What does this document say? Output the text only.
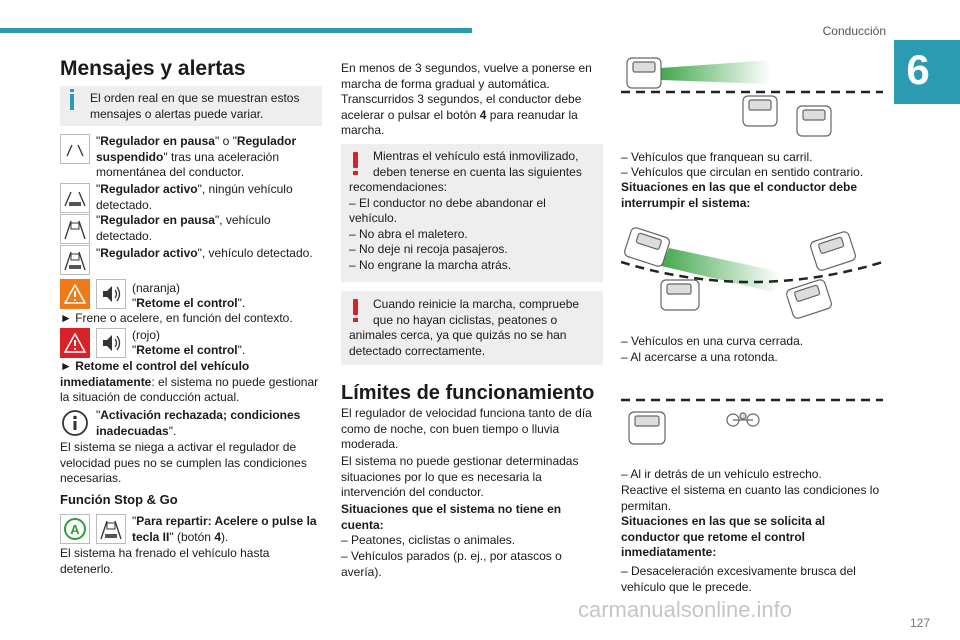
Conducción
6
Mensajes y alertas
El orden real en que se muestran estos mensajes o alertas puede variar.
"Regulador en pausa" o "Regulador suspendido" tras una aceleración momentánea del conductor.
"Regulador activo", ningún vehículo detectado.
"Regulador en pausa", vehículo detectado.
"Regulador activo", vehículo detectado.
(naranja)
"Retome el control".
► Frene o acelere, en función del contexto.
(rojo)
"Retome el control".
► Retome el control del vehículo inmediatamente: el sistema no puede gestionar la situación de conducción actual.
"Activación rechazada; condiciones inadecuadas".
El sistema se niega a activar el regulador de velocidad pues no se cumplen las condiciones necesarias.
Función Stop & Go
A
"Para repartir: Acelere o pulse la tecla II" (botón 4).
El sistema ha frenado el vehículo hasta detenerlo.
En menos de 3 segundos, vuelve a ponerse en marcha de forma gradual y automática. Transcurridos 3 segundos, el conductor debe acelerar o pulsar el botón 4 para reanudar la marcha.
Mientras el vehículo está inmovilizado,
deben tenerse en cuenta las siguientes
recomendaciones:
– El conductor no debe abandonar el
vehículo.
– No abra el maletero.
– No deje ni recoja pasajeros.
– No engrane la marcha atrás.
Cuando reinicie la marcha, compruebe
que no hayan ciclistas, peatones o
animales cerca, ya que quizás no se han
detectado correctamente.
Límites de funcionamiento
El regulador de velocidad funciona tanto de día como de noche, con buen tiempo o lluvia moderada.
El sistema no puede gestionar determinadas situaciones por lo que es necesaria la intervención del conductor.
Situaciones que el sistema no tiene en cuenta:
– Peatones, ciclistas o animales.
– Vehículos parados (p. ej., por atascos o avería).
– Vehículos que franquean su carril.
– Vehículos que circulan en sentido contrario.
Situaciones en las que el conductor debe interrumpir el sistema:
– Vehículos en una curva cerrada.
– Al acercarse a una rotonda.
– Al ir detrás de un vehículo estrecho.
Reactive el sistema en cuanto las condiciones lo permitan.
Situaciones en las que se solicita al conductor que retome el control inmediatamente:
– Desaceleración excesivamente brusca del vehículo que le precede.
carmanualsonline.info
127
